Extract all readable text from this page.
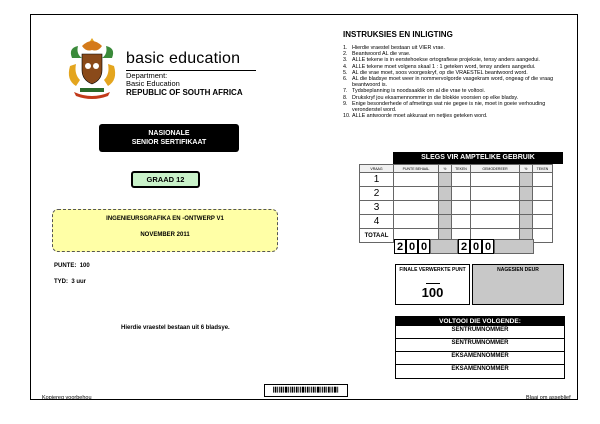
basic education
Department:
Basic Education
REPUBLIC OF SOUTH AFRICA
NASIONALE
SENIOR SERTIFIKAAT
GRAAD 12
INGENIEURSGRAFIKA EN -ONTWERP V1
NOVEMBER 2011
PUNTE: 100
TYD: 3 uur
Hierdie vraestel bestaan uit 6 bladsye.
INSTRUKSIES EN INLIGTING
1. Hierdie vraestel bestaan uit VIER vrae.
2. Beantwoord AL die vrae.
3. ALLE tekene is in eerstehoekse ortografiese projeksie, tensy anders aangedui.
4. ALLE tekene moet volgens skaal 1 : 1 geteken word, tensy anders aangedui.
5. AL die vrae moet, soos voorgeskryf, op die VRAESTEL beantwoord word.
6. AL die bladsye moet weer in nommervolgorde vasgekram word, ongeag of die vraag beantwoord is.
7. Tydsbeplanning is noodsaaklik om al die vrae te voltooi.
8. Drukskryf jou eksamennommer in die blokkie voorsien op elke bladsy.
9. Enige besonderhede of afmetings wat nie gegee is nie, moet in goeie verhouding veronderstel word.
10. ALLE antwoorde moet akkuraat en netjies geteken word.
SLEGS VIR AMPTELIKE GEBRUIK
VRAAG	PUNTE BEHAAL	½	TEKEN	GEMODEREER	½	TEKEN
1						
2						
3						
4						
TOTAAL						
2 0 0	2 0 0
FINALE VERWERKTE PUNT
100
NAGESIEN DEUR
VOLTOOI DIE VOLGENDE:
SENTRUMNOMMER
SENTRUMNOMMER
EKSAMENNOMMER
EKSAMENNOMMER
Kopiereg voorbehou	Blaai om asseblief
